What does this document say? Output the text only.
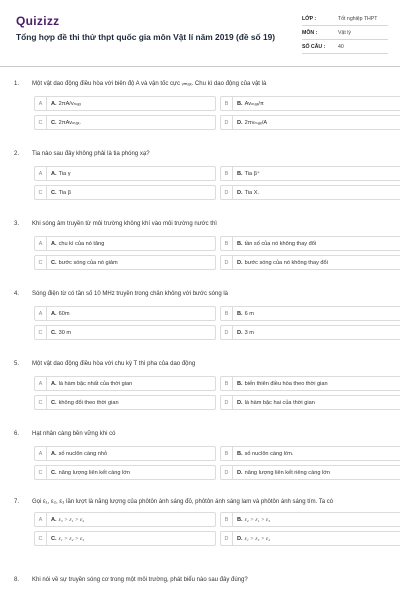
Quizizz
Tổng hợp đề thi thử thpt quốc gia môn Vật lí năm 2019 (đề số 19)
LỚP :	Tốt nghiệp THPT
MÔN :	Vật lý
SỐ CÂU :	40
1.	Một vật dao động điều hòa với biên độ A và vận tốc cực ᵥₘₐₓ. Chu kì dao động của vật là
A	A. 2πA/vₘₐₓ	B	B. Avₘₐₓ/π
C	C. 2πAvₘₐₓ.	D	D. 2πvₘₐₓ/A
2.	Tia nào sau đây không phải là tia phóng xạ?
A	A. Tia γ	B	B. Tia β⁺
C	C. Tia β	D	D. Tia X.
3.	Khi sóng âm truyền từ môi trường không khí vào môi trường nước thì
A	A. chu kì của nó tăng	B	B. tần số của nó không thay đổi
C	C. bước sóng của nó giảm	D	D. bước sóng của nó không thay đổi
4.	Sóng điện từ có tần số 10 MHz truyền trong chân không với bước sóng là
A	A. 60m	B	B. 6 m
C	C. 30 m	D	D. 3 m
5.	Một vật dao động điều hòa với chu kỳ T thì pha của dao động
A	A. là hàm bậc nhất của thời gian	B	B. biến thiên điều hòa theo thời gian
C	C. không đổi theo thời gian	D	D. là hàm bậc hai của thời gian
6.	Hạt nhân càng bền vững khi có
A	A. số nuclôn càng nhỏ	B	B. số nuclôn càng lớn.
C	C. năng lượng liên kết càng lớn	D	D. năng lượng liên kết riêng càng lớn
7.	Gọi ε₁, ε₂, ε₃ lần lượt là năng lượng của phôtôn ánh sáng đỏ, phôtôn ánh sáng lam và phôtôn ánh sáng tím. Ta có
A	A. ε₃ > ε₁ > ε₂	B	B. ε₂ > ε₁ > ε₃
C	C. ε₁ > ε₂ > ε₃	D	D. ε₁ > ε₃ > ε₂
8.	Khi nói về sự truyền sóng cơ trong một môi trường, phát biểu nào sau đây đúng?
